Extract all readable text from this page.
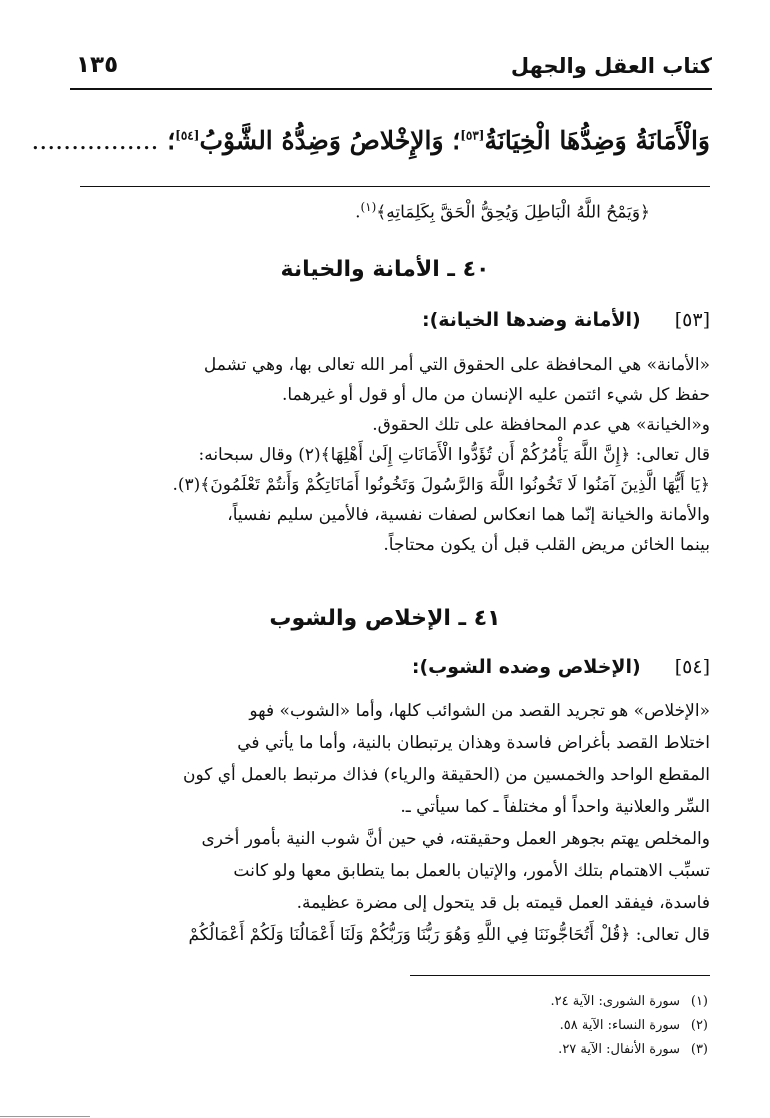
كتاب العقل والجهل
١٣٥
وَالْأَمَانَةُ وَضِدُّهَا الْخِيَانَةُ[٥٣]؛ وَالإِخْلاصُ وَضِدُّهُ الشَّوْبُ[٥٤]؛ ................
﴿وَيَمْحُ اللَّهُ الْبَاطِلَ وَيُحِقُّ الْحَقَّ بِكَلِمَاتِهِ﴾$^{(١)}$.
٤٠ ـ الأمانة والخيانة
[٥٣](الأمانة وضدها الخيانة):
«الأمانة» هي المحافظة على الحقوق التي أمر الله تعالى بها، وهي تشمل
حفظ كل شيء ائتمن عليه الإنسان من مال أو قول أو غيرهما.
و«الخيانة» هي عدم المحافظة على تلك الحقوق.
قال تعالى: ﴿إِنَّ اللَّهَ يَأْمُرُكُمْ أَن تُؤَدُّوا الْأَمَانَاتِ إِلَىٰ أَهْلِهَا﴾(٢) وقال سبحانه:
﴿يَا أَيُّهَا الَّذِينَ آمَنُوا لَا تَخُونُوا اللَّهَ وَالرَّسُولَ وَتَخُونُوا أَمَانَاتِكُمْ وَأَنتُمْ تَعْلَمُونَ﴾(٣).
والأمانة والخيانة إنّما هما انعكاس لصفات نفسية، فالأمين سليم نفسياً،
بينما الخائن مريض القلب قبل أن يكون محتاجاً.
٤١ ـ الإخلاص والشوب
[٥٤](الإخلاص وضده الشوب):
«الإخلاص» هو تجريد القصد من الشوائب كلها، وأما «الشوب» فهو
اختلاط القصد بأغراض فاسدة وهذان يرتبطان بالنية، وأما ما يأتي في
المقطع الواحد والخمسين من (الحقيقة والرياء) فذاك مرتبط بالعمل أي كون
السِّر والعلانية واحداً أو مختلفاً ـ كما سيأتي ـ.
والمخلص يهتم بجوهر العمل وحقيقته، في حين أنَّ شوب النية بأمور أخرى
تسبِّب الاهتمام بتلك الأمور، والإتيان بالعمل بما يتطابق معها ولو كانت
فاسدة، فيفقد العمل قيمته بل قد يتحول إلى مضرة عظيمة.
قال تعالى: ﴿قُلْ أَتُحَاجُّونَنَا فِي اللَّهِ وَهُوَ رَبُّنَا وَرَبُّكُمْ وَلَنَا أَعْمَالُنَا وَلَكُمْ أَعْمَالُكُمْ
(١)سورة الشورى: الآية ٢٤.
(٢)سورة النساء: الآية ٥٨.
(٣)سورة الأنفال: الآية ٢٧.
